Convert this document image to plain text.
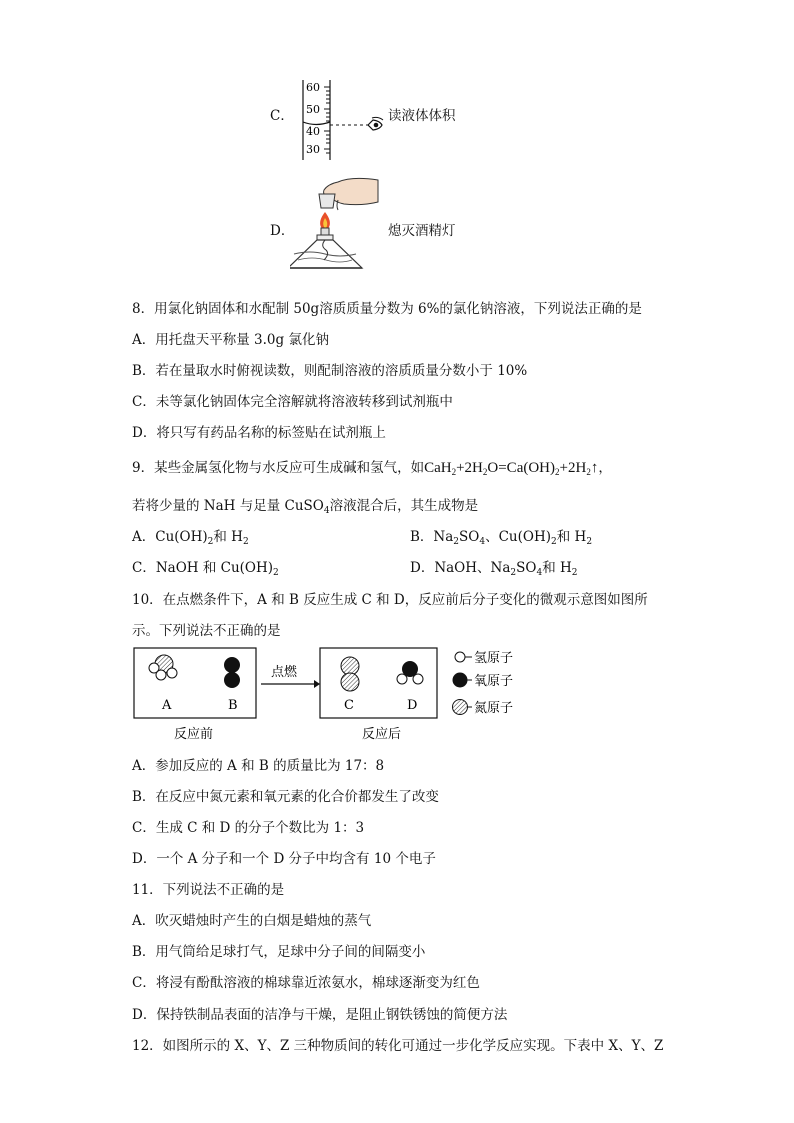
C．
60
50
40
30
读液体体积
D．	熄灭酒精灯
8．用氯化钠固体和水配制 50g溶质质量分数为 6%的氯化钠溶液，下列说法正确的是
A．用托盘天平称量 3.0g 氯化钠
B．若在量取水时俯视读数，则配制溶液的溶质质量分数小于 10%
C．未等氯化钠固体完全溶解就将溶液转移到试剂瓶中
D．将只写有药品名称的标签贴在试剂瓶上
9．某些金属氢化物与水反应可生成碱和氢气，如$CaH_2+2H_2O=Ca(OH)_2+2H_2↑$，
若将少量的 NaH 与足量 CuSO$_4$溶液混合后，其生成物是
A．$Cu(OH)_2$和 $H_2$	B．$Na_2SO_4$、$Cu(OH)_2$和 $H_2$
C．NaOH 和 $Cu(OH)_2$	D．NaOH、$Na_2SO_4$和 $H_2$
10．在点燃条件下，A 和 B 反应生成 C 和 D，反应前后分子变化的微观示意图如图所
示。下列说法不正确的是
A	B
点燃
C	D
反应前	反应后
氢原子
氧原子
氮原子
A．参加反应的 A 和 B 的质量比为 17：8
B．在反应中氮元素和氧元素的化合价都发生了改变
C．生成 C 和 D 的分子个数比为 1：3
D．一个 A 分子和一个 D 分子中均含有 10 个电子
11．下列说法不正确的是
A．吹灭蜡烛时产生的白烟是蜡烛的蒸气
B．用气筒给足球打气，足球中分子间的间隔变小
C．将浸有酚酞溶液的棉球靠近浓氨水，棉球逐渐变为红色
D．保持铁制品表面的洁净与干燥，是阻止钢铁锈蚀的简便方法
12．如图所示的 X、Y、Z 三种物质间的转化可通过一步化学反应实现。下表中 X、Y、Z
